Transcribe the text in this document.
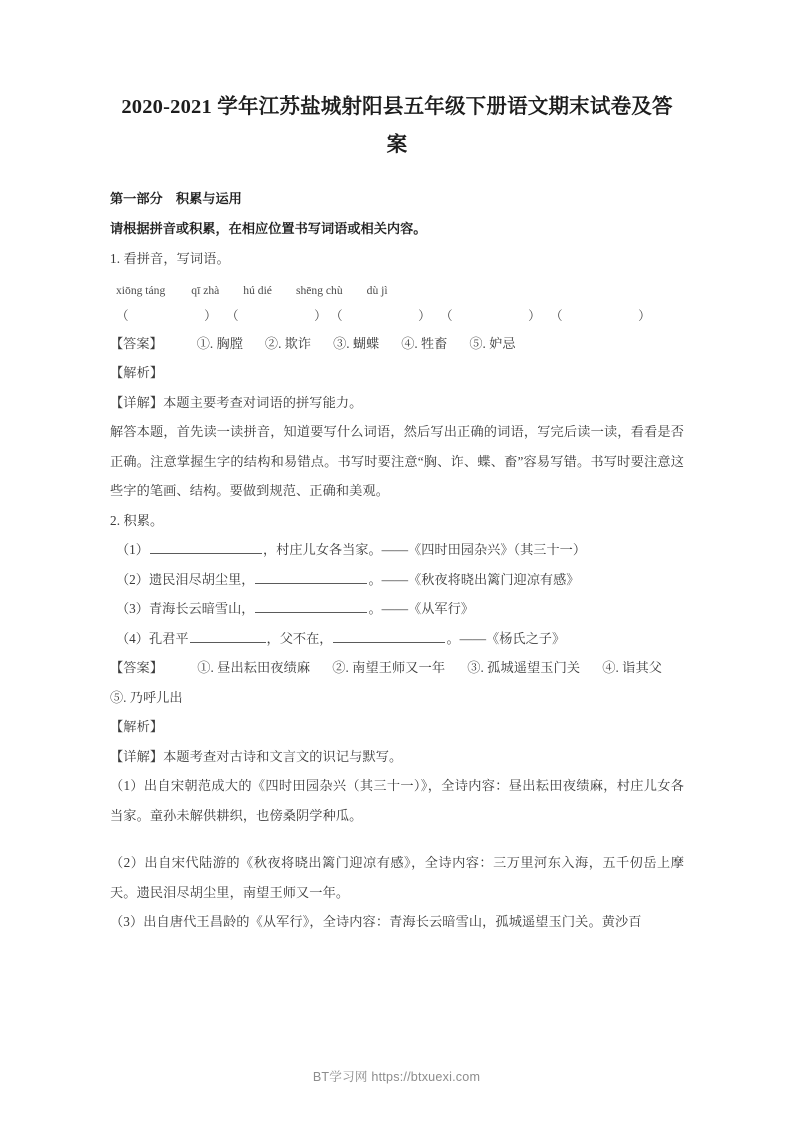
2020-2021 学年江苏盐城射阳县五年级下册语文期末试卷及答案

第一部分　积累与运用

请根据拼音或积累，在相应位置书写词语或相关内容。

1. 看拼音，写词语。

xiōng táng qī zhà hú dié shēng chù dù jì
（　　　　　　） （　　　　　　） （　　　　　　） （　　　　　　） （　　　　　　）
【答案】	①. 胸膛 ②. 欺诈 ③. 蝴蝶 ④. 牲畜 ⑤. 妒忌

【解析】

【详解】本题主要考查对词语的拼写能力。

解答本题，首先读一读拼音，知道要写什么词语，然后写出正确的词语，写完后读一读，看看是否正确。注意掌握生字的结构和易错点。书写时要注意“胸、诈、蝶、畜”容易写错。书写时要注意这些字的笔画、结构。要做到规范、正确和美观。

2. 积累。

（1）	，村庄儿女各当家。——《四时田园杂兴》（其三十一）
（2）遗民泪尽胡尘里，	。——《秋夜将晓出篱门迎凉有感》
（3）青海长云暗雪山，	。——《从军行》
（4）孔君平	，父不在，	。——《杨氏之子》
【答案】	①. 昼出耘田夜绩麻 ②. 南望王师又一年 ③. 孤城遥望玉门关 ④. 诣其父⑤. 乃呼儿出

【解析】

【详解】本题考查对古诗和文言文的识记与默写。

（1）出自宋朝范成大的《四时田园杂兴（其三十一）》，全诗内容：昼出耘田夜绩麻，村庄儿女各当家。童孙未解供耕织，也傍桑阴学种瓜。

（2）出自宋代陆游的《秋夜将晓出篱门迎凉有感》，全诗内容：三万里河东入海，五千仞岳上摩天。遗民泪尽胡尘里，南望王师又一年。

（3）出自唐代王昌龄的《从军行》，全诗内容：青海长云暗雪山，孤城遥望玉门关。黄沙百

BT学习网 https://btxuexi.com
